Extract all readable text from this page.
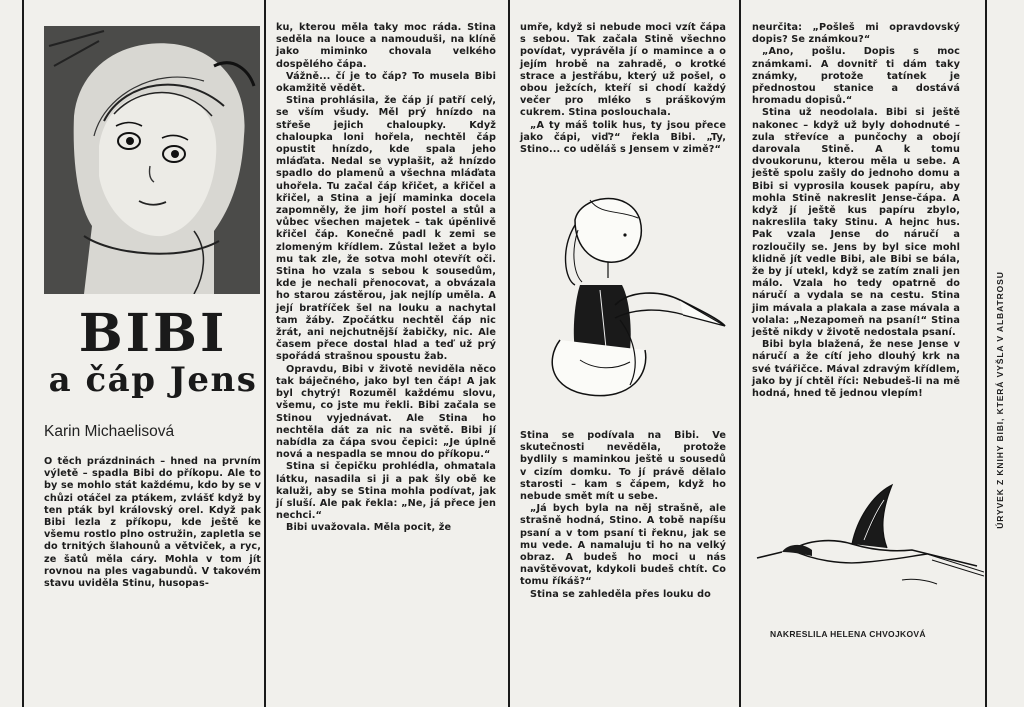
BIBI
a čáp Jens
Karin Michaelisová

O těch prázdninách – hned na prvním výletě – spadla Bibi do příkopu. Ale to by se mohlo stát každému, kdo by se v chůzi otáčel za ptákem, zvlášť když by ten pták byl královský orel. Když pak Bibi lezla z příkopu, kde ještě ke všemu rostlo plno ostružin, zapletla se do trnitých šlahounů a větviček, a ryc, ze šatů měla cáry. Mohla v tom jít rovnou na ples vagabundů. V takovém stavu uviděla Stinu, husopas-

ku, kterou měla taky moc ráda. Stina seděla na louce a namouduši, na klíně jako miminko chovala velkého dospělého čápa.

Vážně... čí je to čáp? To musela Bibi okamžitě vědět.

Stina prohlásila, že čáp jí patří celý, se vším všudy. Měl prý hnízdo na střeše jejich chaloupky. Když chaloupka loni hořela, nechtěl čáp opustit hnízdo, kde spala jeho mláďata. Nedal se vyplašit, až hnízdo spadlo do plamenů a všechna mláďata uhořela. Tu začal čáp křičet, a křičel a křičel, a Stina a její maminka docela zapomněly, že jim hoří postel a stůl a vůbec všechen majetek – tak úpěnlivě křičel čáp. Konečně padl k zemi se zlomeným křídlem. Zůstal ležet a bylo mu tak zle, že sotva mohl otevřít oči. Stina ho vzala s sebou k sousedům, kde je nechali přenocovat, a obvázala ho starou zástěrou, jak nejlíp uměla. A její bratříček šel na louku a nachytal tam žáby. Zpočátku nechtěl čáp nic žrát, ani nejchutnější žabičky, nic. Ale časem přece dostal hlad a teď už prý spořádá strašnou spoustu žab.

Opravdu, Bibi v životě neviděla něco tak báječného, jako byl ten čáp! A jak byl chytrý! Rozuměl každému slovu, všemu, co jste mu řekli. Bibi začala se Stinou vyjednávat. Ale Stina ho nechtěla dát za nic na světě. Bibi jí nabídla za čápa svou čepici: „Je úplně nová a nespadla se mnou do příkopu.“

Stina si čepičku prohlédla, ohmatala látku, nasadila si ji a pak šly obě ke kaluži, aby se Stina mohla podívat, jak jí sluší. Ale pak řekla: „Ne, já přece jen nechci.“

Bibi uvažovala. Měla pocit, že

umře, když si nebude moci vzít čápa s sebou. Tak začala Stině všechno povídat, vyprávěla jí o mamince a o jejím hrobě na zahradě, o krotké strace a jestřábu, který už pošel, o obou ježcích, kteří si chodí každý večer pro mléko s práškovým cukrem. Stina poslouchala.

„A ty máš tolik hus, ty jsou přece jako čápi, viď?“ řekla Bibi. „Ty, Stino... co uděláš s Jensem v zimě?“

Stina se podívala na Bibi. Ve skutečnosti nevěděla, protože bydlily s maminkou ještě u sousedů v cizím domku. To jí právě dělalo starosti – kam s čápem, když ho nebude smět mít u sebe.

„Já bych byla na něj strašně, ale strašně hodná, Stino. A tobě napíšu psaní a v tom psaní ti řeknu, jak se mu vede. A namaluju ti ho na velký obraz. A budeš ho moci u nás navštěvovat, kdykoli budeš chtít. Co tomu říkáš?“

Stina se zahleděla přes louku do

neurčita: „Pošleš mi opravdovský dopis? Se známkou?“

„Ano, pošlu. Dopis s moc známkami. A dovnitř ti dám taky známky, protože tatínek je přednostou stanice a dostává hromadu dopisů.“

Stina už neodolala. Bibi si ještě nakonec – když už byly dohodnuté – zula střevíce a punčochy a obojí darovala Stině. A k tomu dvoukorunu, kterou měla u sebe. A ještě spolu zašly do jednoho domu a Bibi si vyprosila kousek papíru, aby mohla Stině nakreslit Jense-čápa. A když jí ještě kus papíru zbylo, nakreslila taky Stinu. A hejnc hus. Pak vzala Jense do náručí a rozloučily se. Jens by byl sice mohl klidně jít vedle Bibi, ale Bibi se bála, že by jí utekl, když se zatím znali jen málo. Vzala ho tedy opatrně do náručí a vydala se na cestu. Stina jim mávala a plakala a zase mávala a volala: „Nezapomeň na psaní!“ Stina ještě nikdy v životě nedostala psaní.

Bibi byla blažená, že nese Jense v náručí a že cítí jeho dlouhý krk na své tvářičce. Mával zdravým křídlem, jako by jí chtěl říci: Nebudeš-li na mě hodná, hned tě jednou vlepím!

NAKRESLILA HELENA CHVOJKOVÁ
ÚRYVEK Z KNIHY BIBI, KTERÁ VYŠLA V ALBATROSU
